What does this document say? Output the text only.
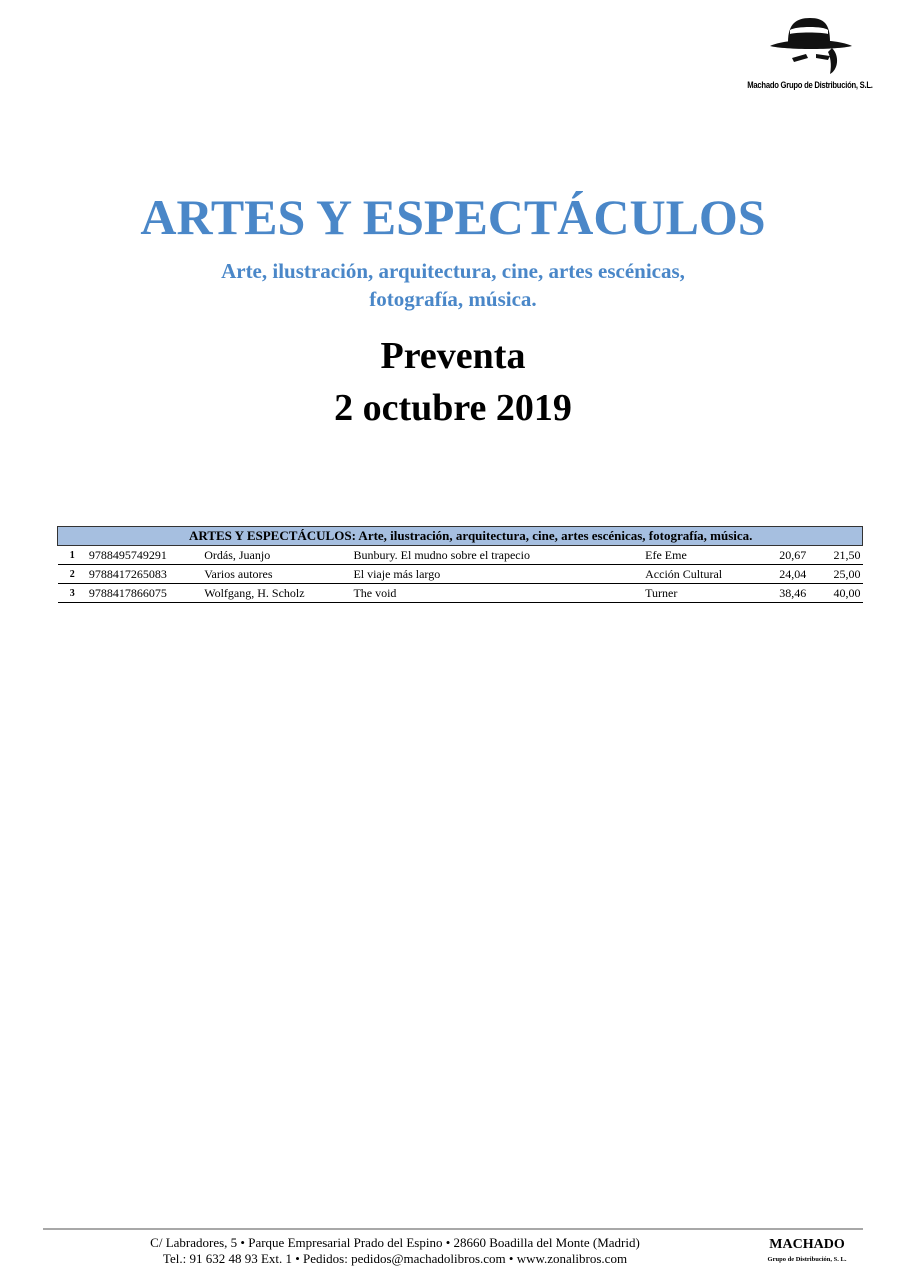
Machado Grupo de Distribución, S.L.
ARTES Y ESPECTÁCULOS
Arte, ilustración, arquitectura, cine, artes escénicas,
fotografía, música.
Preventa
2 octubre 2019
ARTES Y ESPECTÁCULOS: Arte, ilustración, arquitectura, cine, artes escénicas, fotografía, música.						
1	9788495749291	Ordás, Juanjo	Bunbury. El mudno sobre el trapecio	Efe Eme	20,67	21,50
2	9788417265083	Varios autores	El viaje más largo	Acción Cultural	24,04	25,00
3	9788417866075	Wolfgang, H. Scholz	The void	Turner	38,46	40,00
C/ Labradores, 5 • Parque Empresarial Prado del Espino • 28660 Boadilla del Monte (Madrid)
Tel.: 91 632 48 93 Ext. 1 • Pedidos: pedidos@machadolibros.com • www.zonalibros.com
MACHADO
Grupo de Distribución, S. L.
